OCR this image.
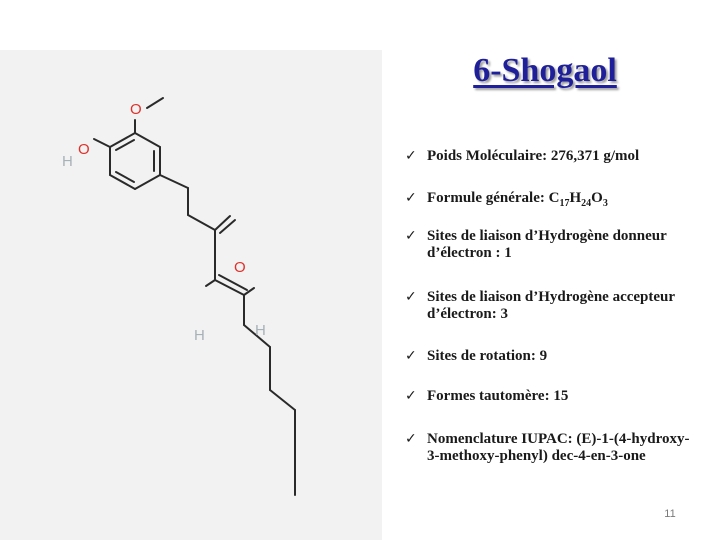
O
O
H
O
H	H
6-Shogaol
✓ Poids Moléculaire: 276,371 g/mol
✓ Formule générale: $C_{17}H_{24}O_3$
✓ Sites de liaison d’Hydrogène donneur d’électron : 1
✓ Sites de liaison d’Hydrogène accepteur d’électron: 3
✓ Sites de rotation: 9
✓ Formes tautomère: 15
✓ Nomenclature IUPAC: (E)-1-(4-hydroxy-3-methoxy-phenyl) dec-4-en-3-one
11
